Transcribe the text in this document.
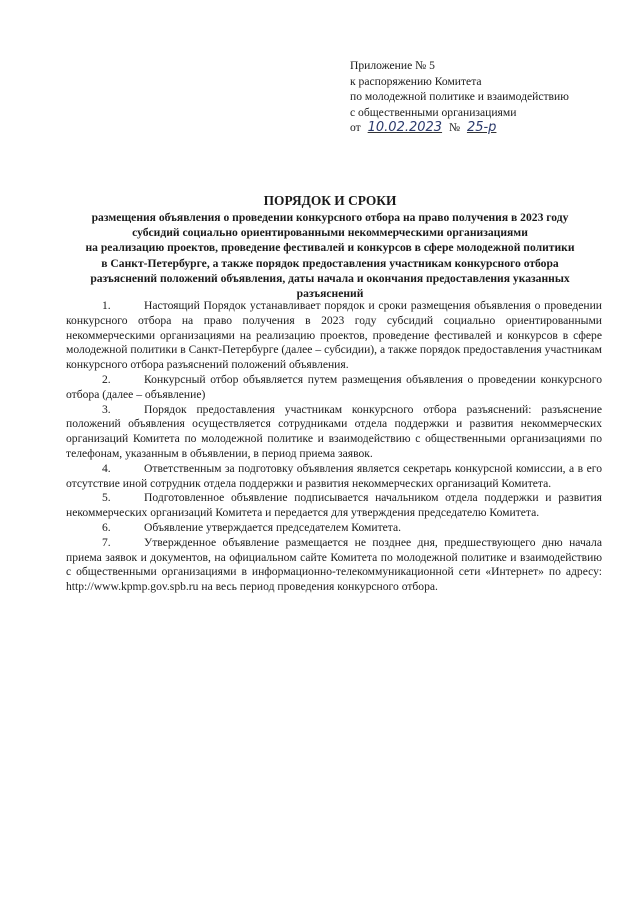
Приложение № 5
к распоряжению Комитета
по молодежной политике и взаимодействию
с общественными организациями
от 10.02.2023 № 25-р
ПОРЯДОК И СРОКИ
размещения объявления о проведении конкурсного отбора на право получения в 2023 году
субсидий социально ориентированными некоммерческими организациями
на реализацию проектов, проведение фестивалей и конкурсов в сфере молодежной политики
в Санкт-Петербурге, а также порядок предоставления участникам конкурсного отбора
разъяснений положений объявления, даты начала и окончания предоставления указанных
разъяснений
1.	Настоящий Порядок устанавливает порядок и сроки размещения объявления о проведении конкурсного отбора на право получения в 2023 году субсидий социально ориентированными некоммерческими организациями на реализацию проектов, проведение фестивалей и конкурсов в сфере молодежной политики в Санкт-Петербурге (далее – субсидии), а также порядок предоставления участникам конкурсного отбора разъяснений положений объявления.
2.	Конкурсный отбор объявляется путем размещения объявления о проведении конкурсного отбора (далее – объявление)
3.	Порядок предоставления участникам конкурсного отбора разъяснений: разъяснение положений объявления осуществляется сотрудниками отдела поддержки и развития некоммерческих организаций Комитета по молодежной политике и взаимодействию с общественными организациями по телефонам, указанным в объявлении, в период приема заявок.
4.	Ответственным за подготовку объявления является секретарь конкурсной комиссии, а в его отсутствие иной сотрудник отдела поддержки и развития некоммерческих организаций Комитета.
5.	Подготовленное объявление подписывается начальником отдела поддержки и развития некоммерческих организаций Комитета и передается для утверждения председателю Комитета.
6.	Объявление утверждается председателем Комитета.
7.	Утвержденное объявление размещается не позднее дня, предшествующего дню начала приема заявок и документов, на официальном сайте Комитета по молодежной политике и взаимодействию с общественными организациями в информационно-телекоммуникационной сети «Интернет» по адресу: http://www.kpmp.gov.spb.ru на весь период проведения конкурсного отбора.
